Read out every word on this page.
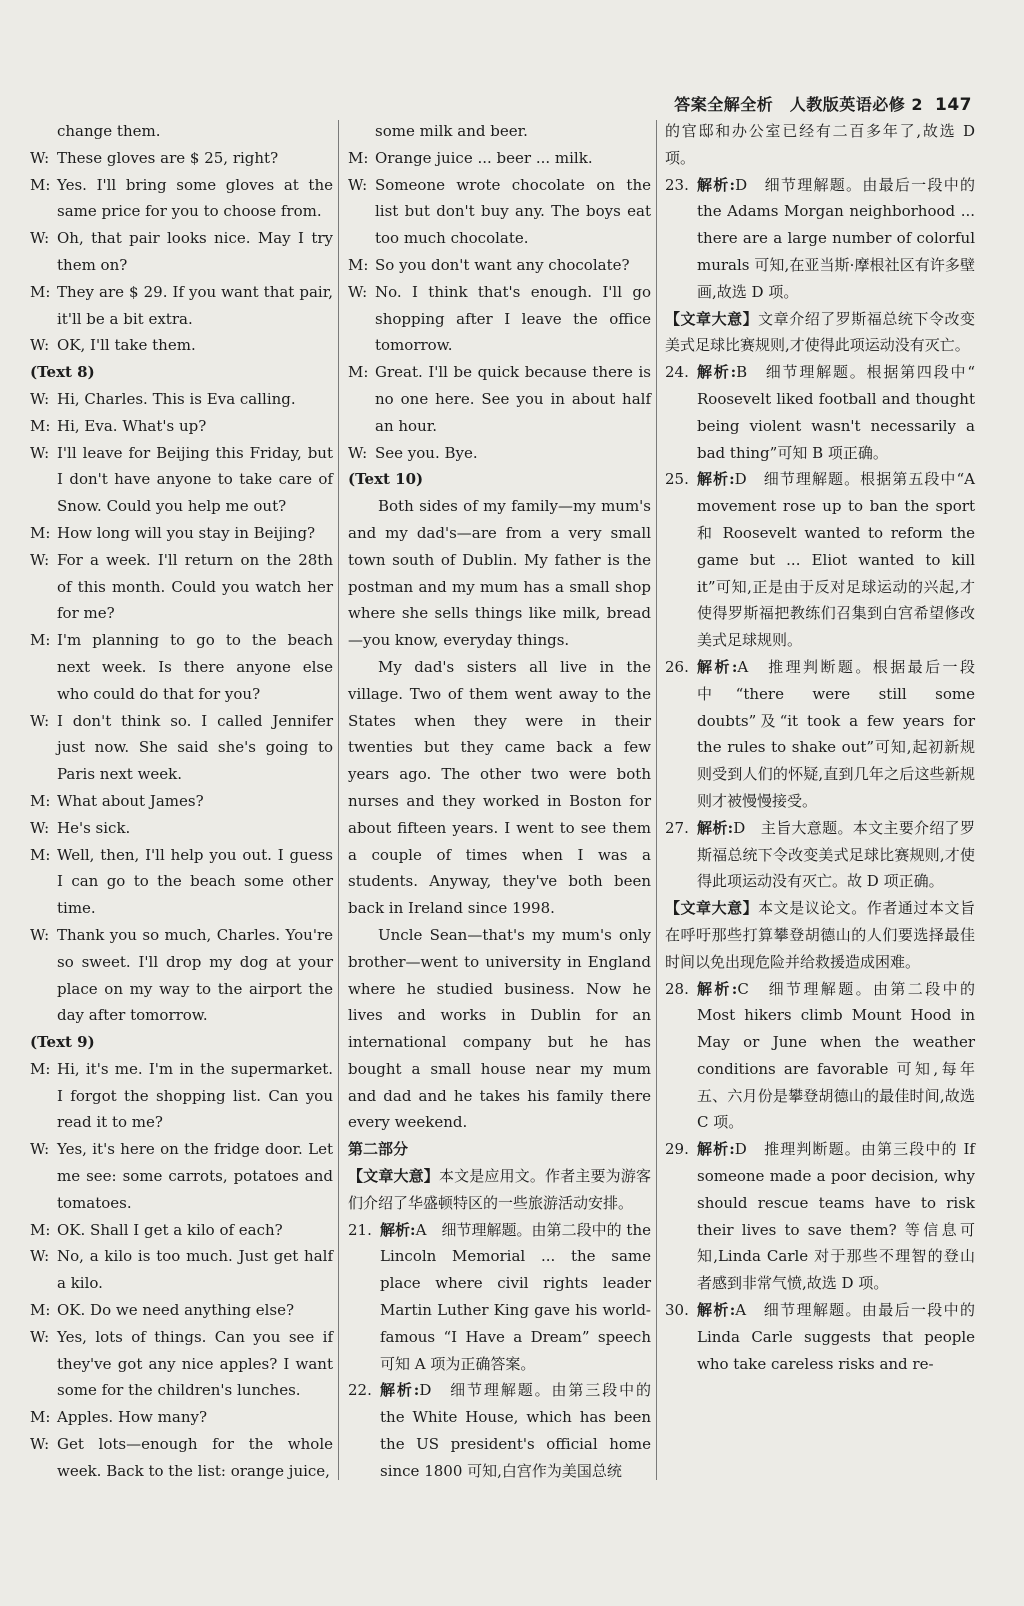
答案全解全析　人教版英语必修 2 147
change them.
W: These gloves are $ 25, right?
M: Yes. I'll bring some gloves at the same price for you to choose from.
W: Oh, that pair looks nice. May I try them on?
M: They are $ 29. If you want that pair, it'll be a bit extra.
W: OK, I'll take them.
(Text 8)
W: Hi, Charles. This is Eva calling.
M: Hi, Eva. What's up?
W: I'll leave for Beijing this Friday, but I don't have anyone to take care of Snow. Could you help me out?
M: How long will you stay in Beijing?
W: For a week. I'll return on the 28th of this month. Could you watch her for me?
M: I'm planning to go to the beach next week. Is there anyone else who could do that for you?
W: I don't think so. I called Jennifer just now. She said she's going to Paris next week.
M: What about James?
W: He's sick.
M: Well, then, I'll help you out. I guess I can go to the beach some other time.
W: Thank you so much, Charles. You're so sweet. I'll drop my dog at your place on my way to the airport the day after tomorrow.
(Text 9)
M: Hi, it's me. I'm in the supermarket. I forgot the shopping list. Can you read it to me?
W: Yes, it's here on the fridge door. Let me see: some carrots, potatoes and tomatoes.
M: OK. Shall I get a kilo of each?
W: No, a kilo is too much. Just get half a kilo.
M: OK. Do we need anything else?
W: Yes, lots of things. Can you see if they've got any nice apples? I want some for the children's lunches.
M: Apples. How many?
W: Get lots—enough for the whole week. Back to the list: orange juice,
some milk and beer.
M: Orange juice ... beer ... milk.
W: Someone wrote chocolate on the list but don't buy any. The boys eat too much chocolate.
M: So you don't want any chocolate?
W: No. I think that's enough. I'll go shopping after I leave the office tomorrow.
M: Great. I'll be quick because there is no one here. See you in about half an hour.
W: See you. Bye.
(Text 10)
Both sides of my family—my mum's and my dad's—are from a very small town south of Dublin. My father is the postman and my mum has a small shop where she sells things like milk, bread—you know, everyday things.
My dad's sisters all live in the village. Two of them went away to the States when they were in their twenties but they came back a few years ago. The other two were both nurses and they worked in Boston for about fifteen years. I went to see them a couple of times when I was a students. Anyway, they've both been back in Ireland since 1998.
Uncle Sean—that's my mum's only brother—went to university in England where he studied business. Now he lives and works in Dublin for an international company but he has bought a small house near my mum and dad and he takes his family there every weekend.
第二部分
【文章大意】本文是应用文。作者主要为游客们介绍了华盛顿特区的一些旅游活动安排。
21. 解析:A　细节理解题。由第二段中的 the Lincoln Memorial ... the same place where civil rights leader Martin Luther King gave his world-famous “I Have a Dream” speech 可知 A 项为正确答案。
22. 解析:D　细节理解题。由第三段中的 the White House, which has been the US president's official home since 1800 可知,白宫作为美国总统
的官邸和办公室已经有二百多年了,故选 D 项。
23. 解析:D　细节理解题。由最后一段中的 the Adams Morgan neighborhood ... there are a large number of colorful murals 可知,在亚当斯·摩根社区有许多壁画,故选 D 项。
【文章大意】文章介绍了罗斯福总统下令改变美式足球比赛规则,才使得此项运动没有灭亡。
24. 解析:B　细节理解题。根据第四段中“ Roosevelt liked football and thought being violent wasn't necessarily a bad thing”可知 B 项正确。
25. 解析:D　细节理解题。根据第五段中“A movement rose up to ban the sport 和 Roosevelt wanted to reform the game but ... Eliot wanted to kill it”可知,正是由于反对足球运动的兴起,才使得罗斯福把教练们召集到白宫希望修改美式足球规则。
26. 解析:A　推理判断题。根据最后一段中“there were still some doubts”及“it took a few years for the rules to shake out”可知,起初新规则受到人们的怀疑,直到几年之后这些新规则才被慢慢接受。
27. 解析:D　主旨大意题。本文主要介绍了罗斯福总统下令改变美式足球比赛规则,才使得此项运动没有灭亡。故 D 项正确。
【文章大意】本文是议论文。作者通过本文旨在呼吁那些打算攀登胡德山的人们要选择最佳时间以免出现危险并给救援造成困难。
28. 解析:C　细节理解题。由第二段中的 Most hikers climb Mount Hood in May or June when the weather conditions are favorable 可知,每年五、六月份是攀登胡德山的最佳时间,故选 C 项。
29. 解析:D　推理判断题。由第三段中的 If someone made a poor decision, why should rescue teams have to risk their lives to save them? 等信息可知,Linda Carle 对于那些不理智的登山者感到非常气愤,故选 D 项。
30. 解析:A　细节理解题。由最后一段中的 Linda Carle suggests that people who take careless risks and re-
